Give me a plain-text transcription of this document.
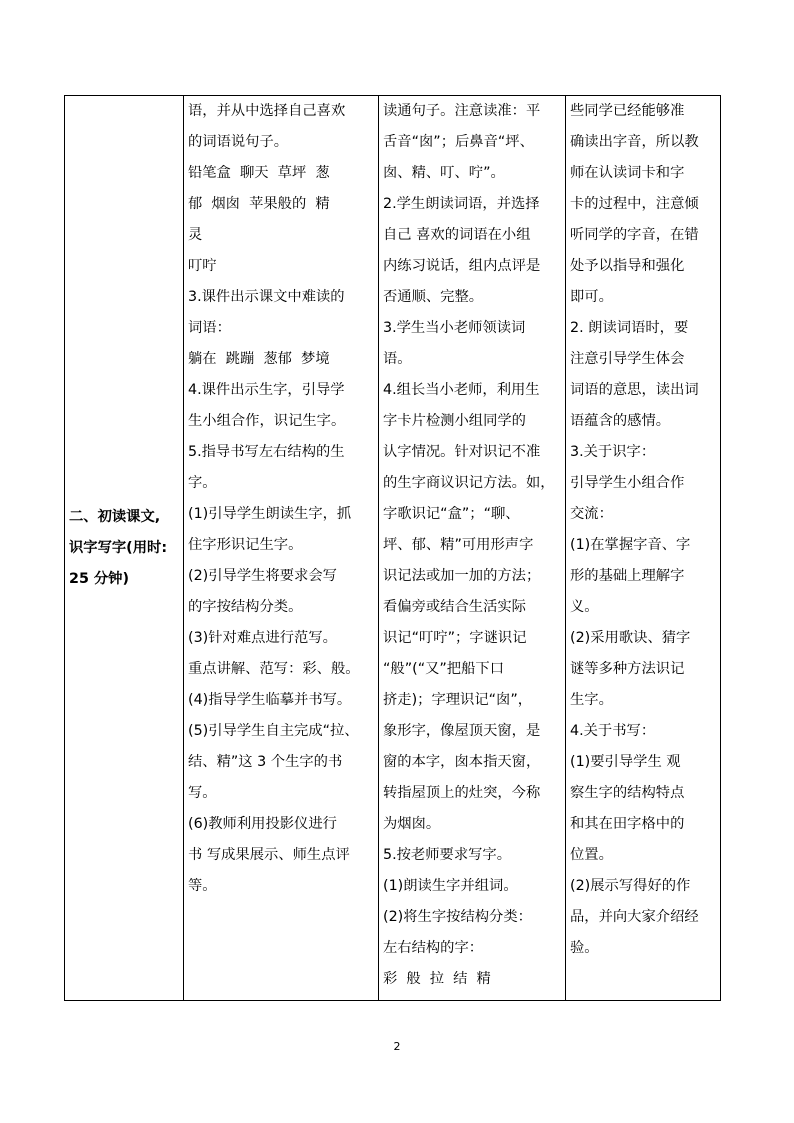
二、初读课文,
识字写字(用时:
25 分钟)

语，并从中选择自己喜欢
的词语说句子。
铅笔盒  聊天  草坪  葱
郁  烟囱  苹果般的  精
灵
叮咛
3.课件出示课文中难读的
词语：
躺在  跳蹦  葱郁  梦境
4.课件出示生字，引导学
生小组合作，识记生字。
5.指导书写左右结构的生
字。
(1)引导学生朗读生字，抓
住字形识记生字。
(2)引导学生将要求会写
的字按结构分类。
(3)针对难点进行范写。
重点讲解、范写：彩、般。
(4)指导学生临摹并书写。
(5)引导学生自主完成“拉、
结、精”这 3 个生字的书
写。
(6)教师利用投影仪进行
书 写成果展示、师生点评
等。

读通句子。注意读准：平
舌音“囱”；后鼻音“坪、
囱、精、叮、咛”。
2.学生朗读词语，并选择
自己 喜欢的词语在小组
内练习说话，组内点评是
否通顺、完整。
3.学生当小老师领读词
语。
4.组长当小老师，利用生
字卡片检测小组同学的
认字情况。针对识记不准
的生字商议识记方法。如，
字歌识记“盒”；“聊、
坪、郁、精”可用形声字
识记法或加一加的方法；
看偏旁或结合生活实际
识记“叮咛”；字谜识记
“般”(“又”把船下口
挤走)；字理识记“囱”，
象形字，像屋顶天窗，是
窗的本字，囱本指天窗，
转指屋顶上的灶突，今称
为烟囱。
5.按老师要求写字。
(1)朗读生字并组词。
(2)将生字按结构分类：
左右结构的字：
彩  般  拉  结  精

些同学已经能够准
确读出字音，所以教
师在认读词卡和字
卡的过程中，注意倾
听同学的字音，在错
处予以指导和强化
即可。
2. 朗读词语时，要
注意引导学生体会
词语的意思，读出词
语蕴含的感情。
3.关于识字：
引导学生小组合作
交流：
(1)在掌握字音、字
形的基础上理解字
义。
(2)采用歌诀、猜字
谜等多种方法识记
生字。
4.关于书写：
(1)要引导学生 观
察生字的结构特点
和其在田字格中的
位置。
(2)展示写得好的作
品，并向大家介绍经
验。
2
